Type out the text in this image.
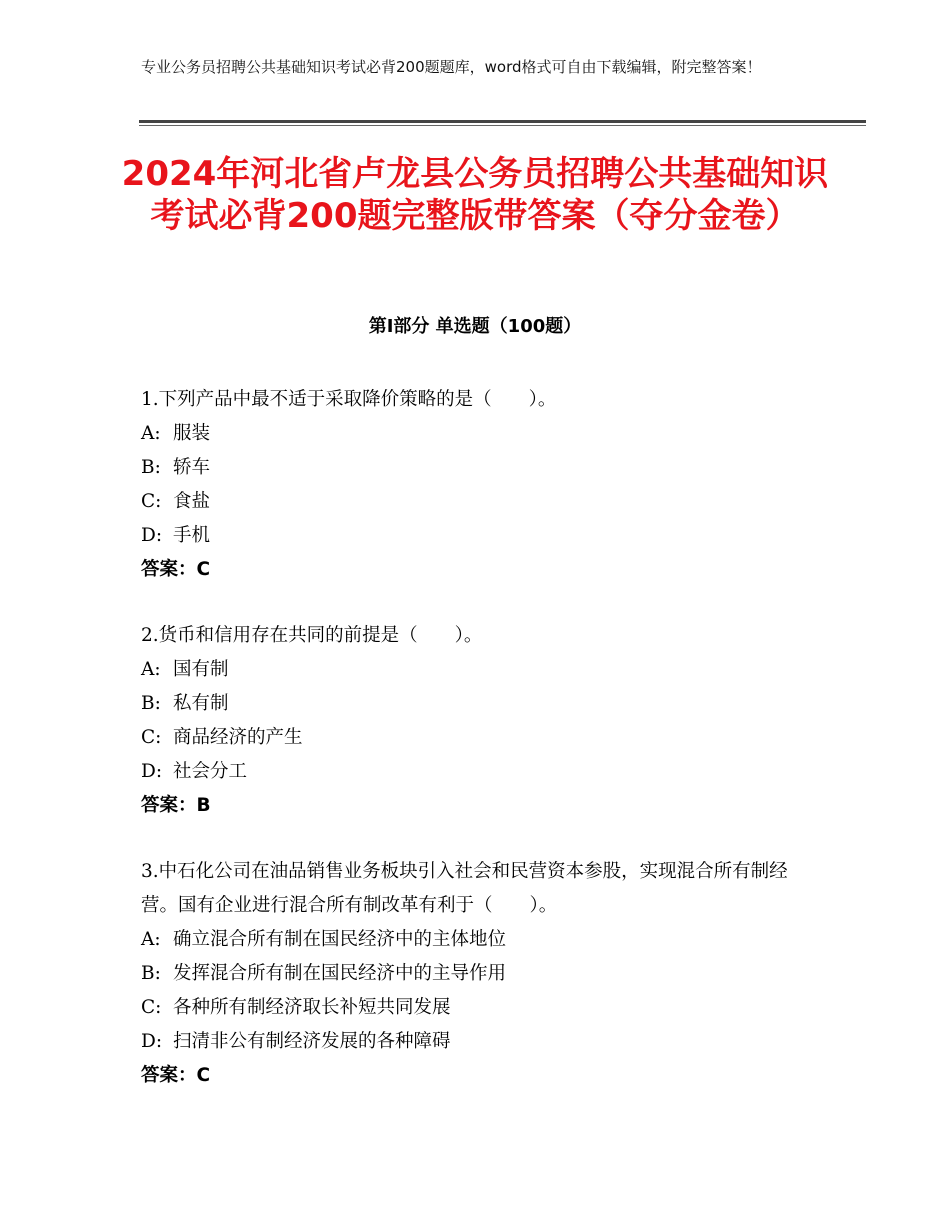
专业公务员招聘公共基础知识考试必背200题题库，word格式可自由下载编辑，附完整答案！
2024年河北省卢龙县公务员招聘公共基础知识考试必背200题完整版带答案（夺分金卷）
第Ⅰ部分 单选题（100题）

1.下列产品中最不适于采取降价策略的是（　　）。

A: 服装

B: 轿车

C: 食盐

D: 手机

答案：C

2.货币和信用存在共同的前提是（　　）。

A: 国有制

B: 私有制

C: 商品经济的产生

D: 社会分工

答案：B

3.中石化公司在油品销售业务板块引入社会和民营资本参股，实现混合所有制经营。国有企业进行混合所有制改革有利于（　　）。

A: 确立混合所有制在国民经济中的主体地位

B: 发挥混合所有制在国民经济中的主导作用

C: 各种所有制经济取长补短共同发展

D: 扫清非公有制经济发展的各种障碍

答案：C
